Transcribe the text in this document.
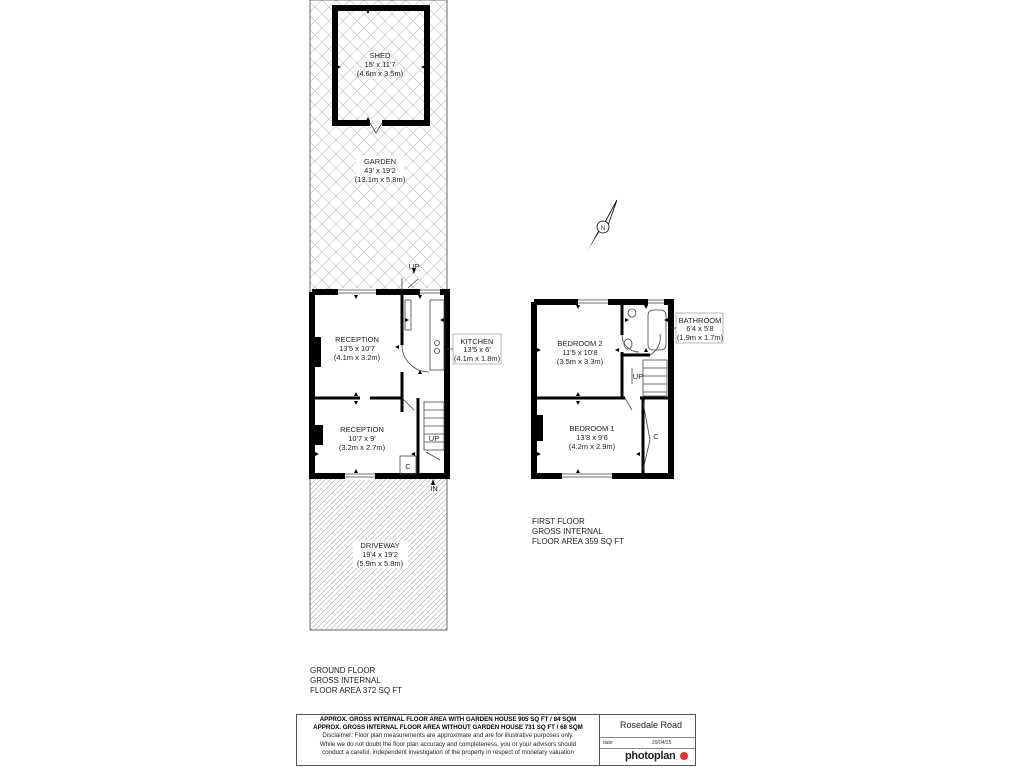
SHED
15' x 11'7
(4.6m x 3.5m)
GARDEN
43' x 19'2
(13.1m x 5.8m)
RECEPTION
13'5 x 10'7
(4.1m x 3.2m)
RECEPTION
10'7 x 9'
(3.2m x 2.7m)
KITCHEN
13'5 x 6'
(4.1m x 1.8m)
DRIVEWAY
19'4 x 19'2
(5.9m x 5.8m)
BEDROOM 2
11'5 x 10'8
(3.5m x 3.3m)
BEDROOM 1
13'8 x 9'6
(4.2m x 2.9m)
BATHROOM
6'4 x 5'8
(1.9m x 1.7m)
UP
UP
UP
C
C
IN
N
GROUND FLOOR
GROSS INTERNAL
FLOOR AREA 372 SQ FT
FIRST FLOOR
GROSS INTERNAL
FLOOR AREA 359 SQ FT
APPROX. GROSS INTERNAL FLOOR AREA WITH GARDEN HOUSE 905 SQ FT / 84 SQM
APPROX. GROSS INTERNAL FLOOR AREA WITHOUT GARDEN HOUSE 731 SQ FT / 68 SQM
Disclaimer: Floor plan measurements are approximate and are for illustrative purposes only.
While we do not doubt the floor plan accuracy and completeness, you or your advisors should
conduct a careful, independent investigation of the property in respect of monetary valuation
Rosedale Road
date	29/04/25
photoplan
